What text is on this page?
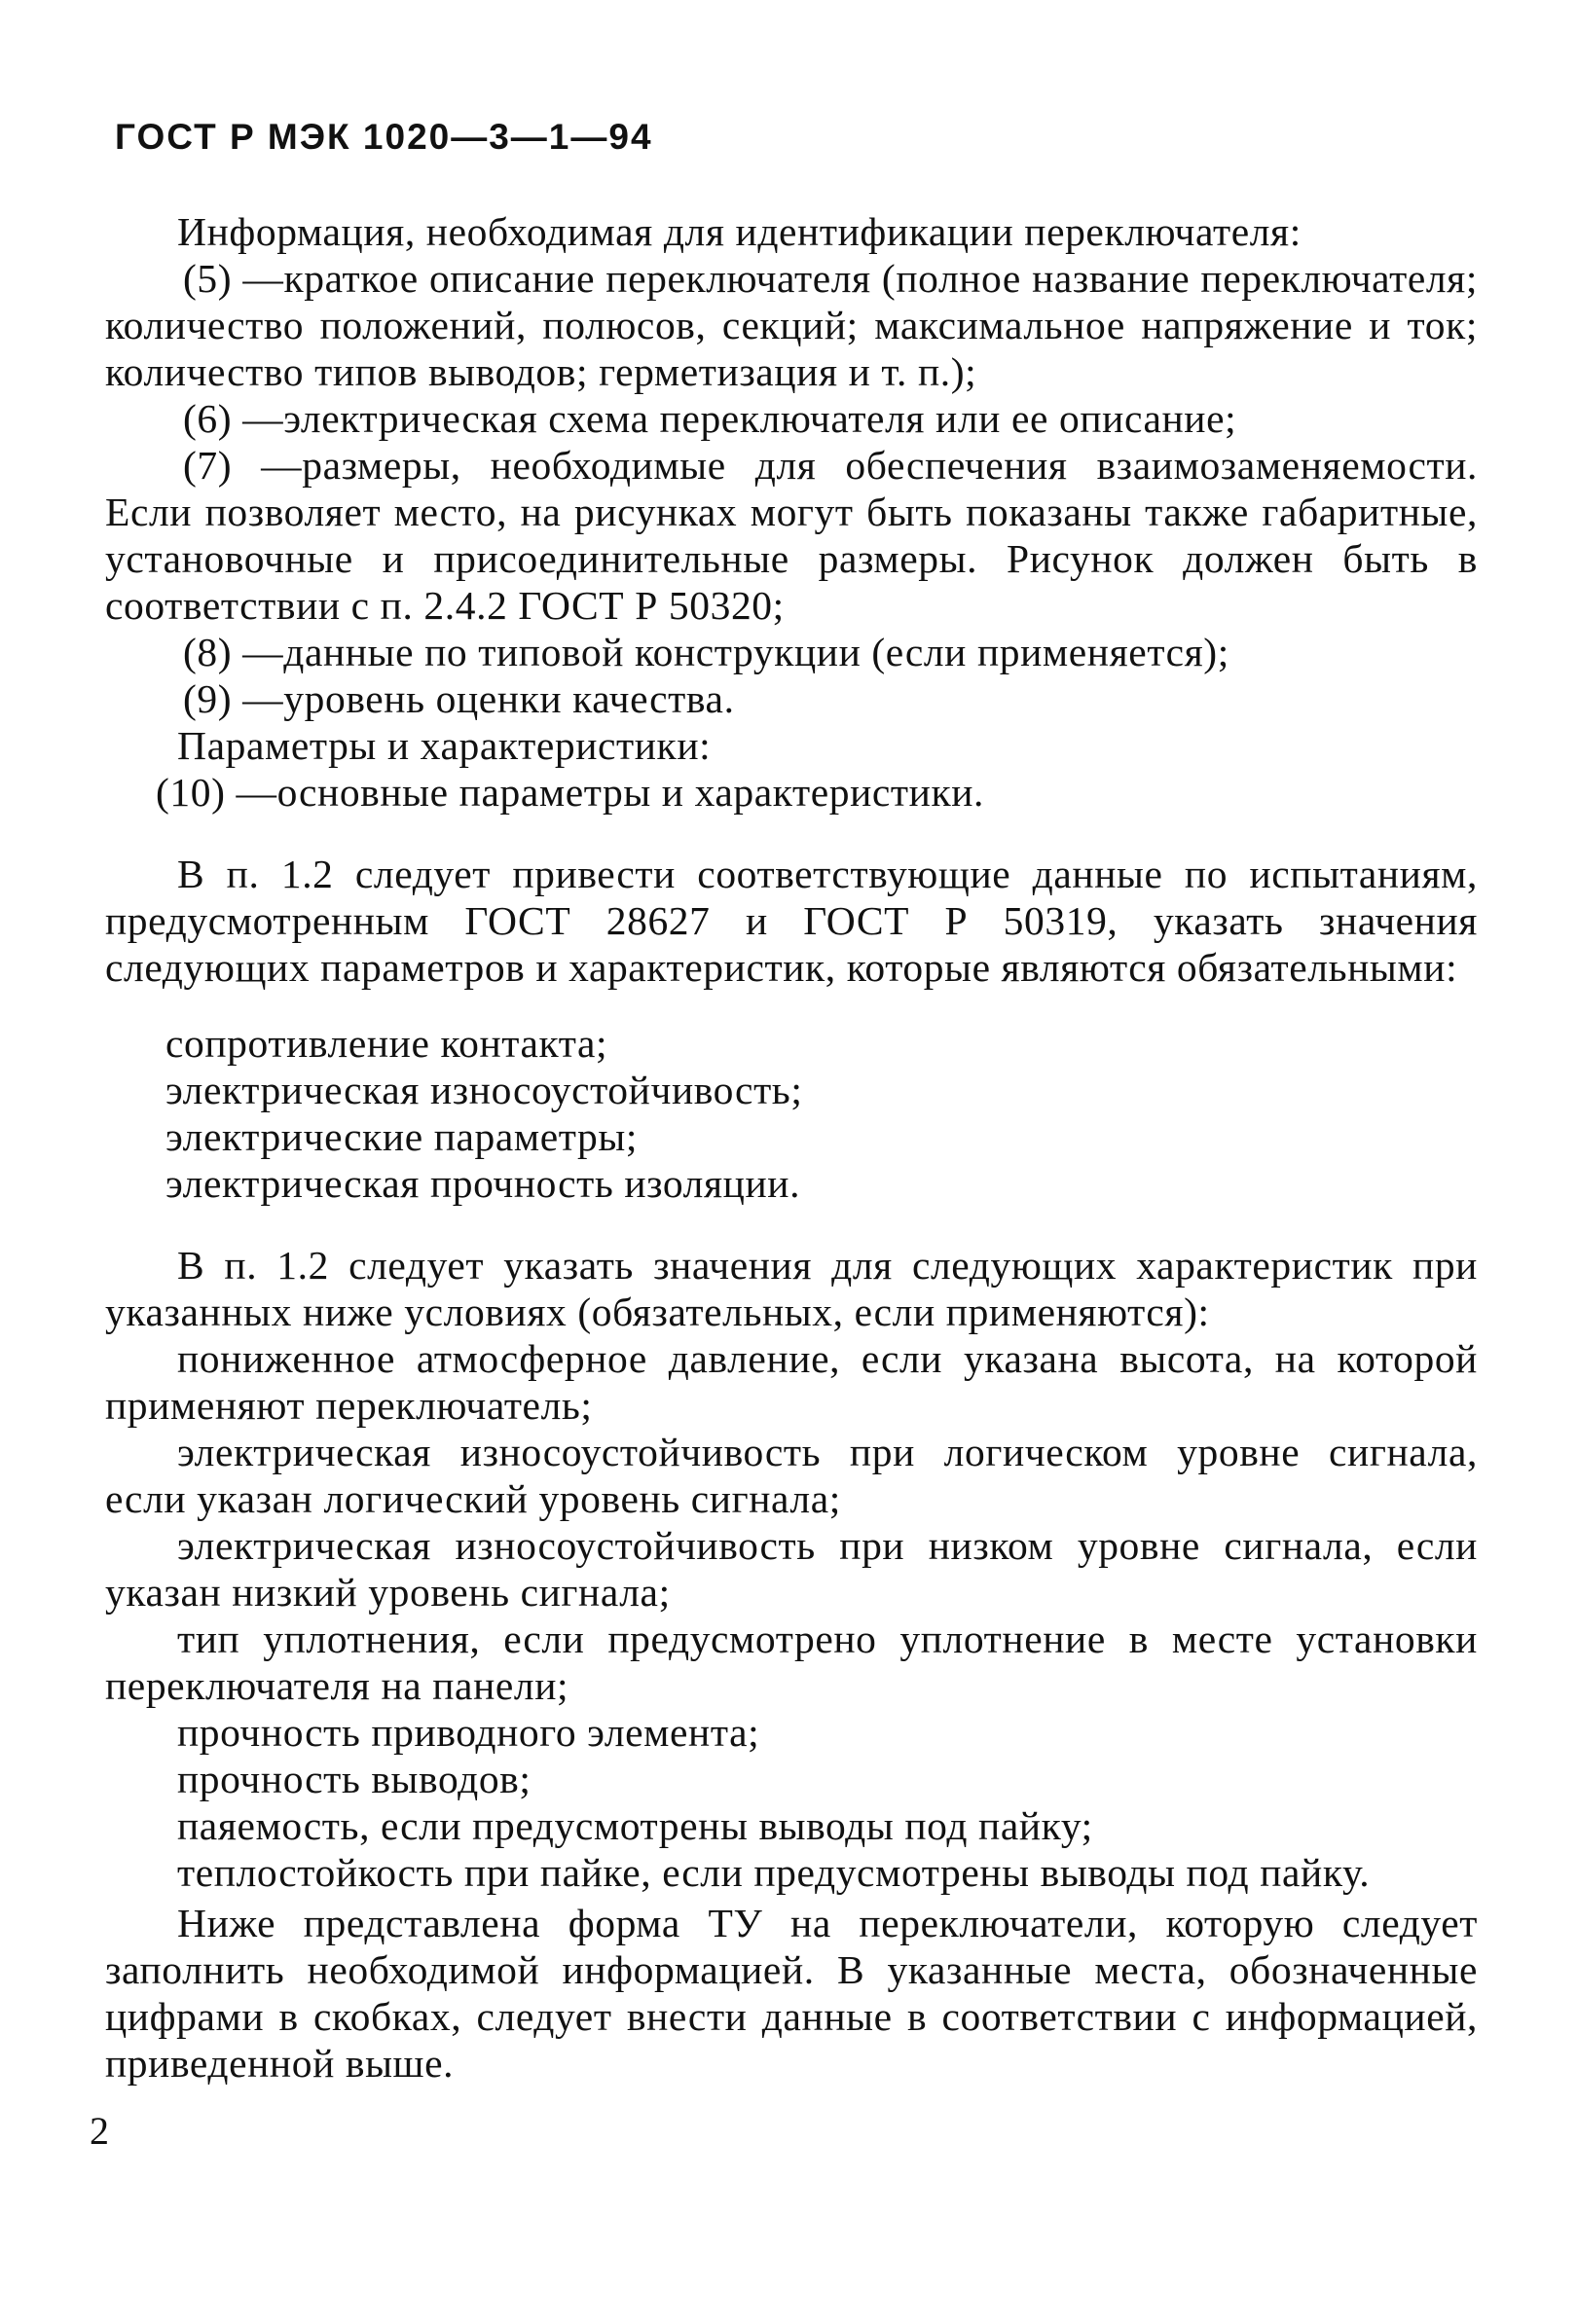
ГОСТ Р МЭК 1020—3—1—94

Информация, необходимая для идентификации переключателя:

(5) —краткое описание переключателя (полное название переключателя; количество положений, полюсов, секций; максимальное напряжение и ток; количество типов выводов; герметизация и т. п.);

(6) —электрическая схема переключателя или ее описание;

(7) —размеры, необходимые для обеспечения взаимозаменяемости. Если позволяет место, на рисунках могут быть показаны также габаритные, установочные и присоединительные размеры. Рисунок должен быть в соответствии с п. 2.4.2 ГОСТ Р 50320;

(8) —данные по типовой конструкции (если применяется);

(9) —уровень оценки качества.

Параметры и характеристики:

(10) —основные параметры и характеристики.

В п. 1.2 следует привести соответствующие данные по испытаниям, предусмотренным ГОСТ 28627 и ГОСТ Р 50319, указать значения следующих параметров и характеристик, которые являются обязательными:

сопротивление контакта;

электрическая износоустойчивость;

электрические параметры;

электрическая прочность изоляции.

В п. 1.2 следует указать значения для следующих характеристик при указанных ниже условиях (обязательных, если применяются):

пониженное атмосферное давление, если указана высота, на которой применяют переключатель;

электрическая износоустойчивость при логическом уровне сигнала, если указан логический уровень сигнала;

электрическая износоустойчивость при низком уровне сигнала, если указан низкий уровень сигнала;

тип уплотнения, если предусмотрено уплотнение в месте установки переключателя на панели;

прочность приводного элемента;

прочность выводов;

паяемость, если предусмотрены выводы под пайку;

теплостойкость при пайке, если предусмотрены выводы под пайку.

Ниже представлена форма ТУ на переключатели, которую следует заполнить необходимой информацией. В указанные места, обозначенные цифрами в скобках, следует внести данные в соответствии с информацией, приведенной выше.

2
